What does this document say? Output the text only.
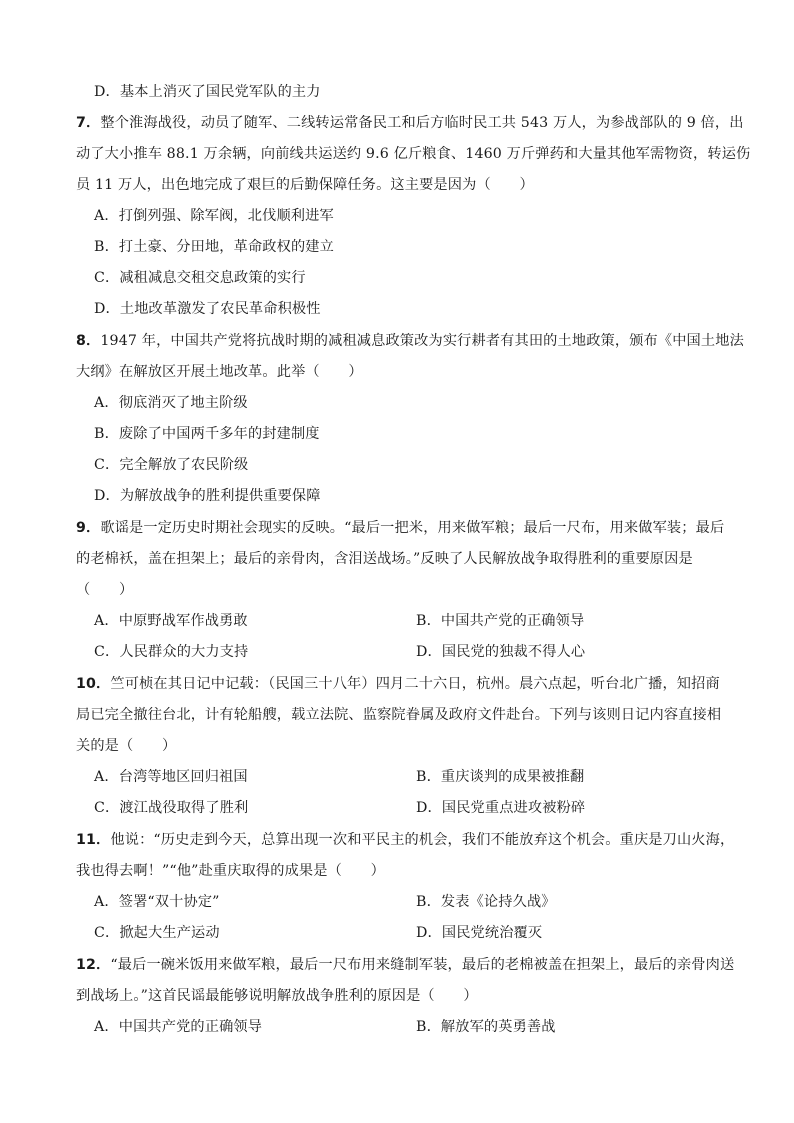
D．基本上消灭了国民党军队的主力
7．整个淮海战役，动员了随军、二线转运常备民工和后方临时民工共 543 万人，为参战部队的 9 倍，出
动了大小推车 88.1 万余辆，向前线共运送约 9.6 亿斤粮食、1460 万斤弹药和大量其他军需物资，转运伤
员 11 万人，出色地完成了艰巨的后勤保障任务。这主要是因为（　　）
A．打倒列强、除军阀，北伐顺利进军
B．打土豪、分田地，革命政权的建立
C．减租减息交租交息政策的实行
D．土地改革激发了农民革命积极性
8．1947 年，中国共产党将抗战时期的减租减息政策改为实行耕者有其田的土地政策，颁布《中国土地法
大纲》在解放区开展土地改革。此举（　　）
A．彻底消灭了地主阶级
B．废除了中国两千多年的封建制度
C．完全解放了农民阶级
D．为解放战争的胜利提供重要保障
9．歌谣是一定历史时期社会现实的反映。“最后一把米，用来做军粮；最后一尺布，用来做军装；最后
的老棉袄，盖在担架上；最后的亲骨肉，含泪送战场。”反映了人民解放战争取得胜利的重要原因是
（　　）
A．中原野战军作战勇敢	B．中国共产党的正确领导
C．人民群众的大力支持	D．国民党的独裁不得人心
10．竺可桢在其日记中记载：（民国三十八年）四月二十六日，杭州。晨六点起，听台北广播，知招商
局已完全撤往台北，计有轮船艘，载立法院、监察院眷属及政府文件赴台。下列与该则日记内容直接相
关的是（　　）
A．台湾等地区回归祖国	B．重庆谈判的成果被推翻
C．渡江战役取得了胜利	D．国民党重点进攻被粉碎
11．他说：“历史走到今天，总算出现一次和平民主的机会，我们不能放弃这个机会。重庆是刀山火海，
我也得去啊！”“他”赴重庆取得的成果是（　　）
A．签署“双十协定”	B．发表《论持久战》
C．掀起大生产运动	D．国民党统治覆灭
12．“最后一碗米饭用来做军粮，最后一尺布用来缝制军装，最后的老棉被盖在担架上，最后的亲骨肉送
到战场上。”这首民谣最能够说明解放战争胜利的原因是（　　）
A．中国共产党的正确领导	B．解放军的英勇善战
